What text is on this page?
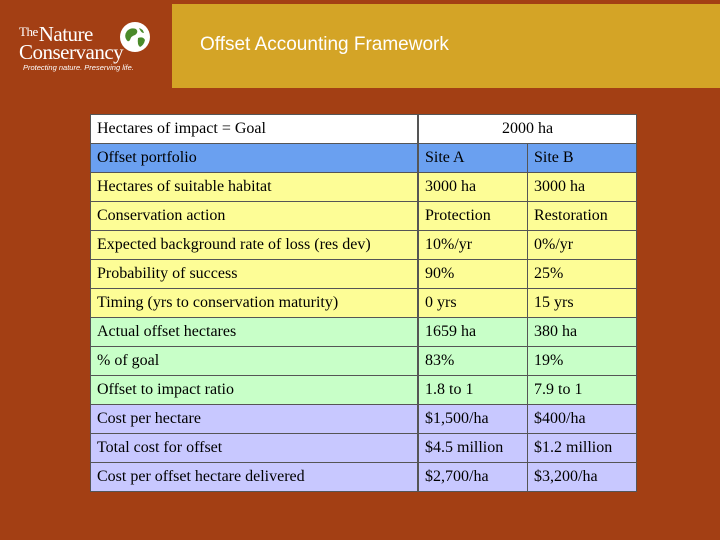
$^{The}$Nature
Conservancy
Protecting nature. Preserving life.
Offset Accounting Framework
Hectares of impact = Goal		2000 ha	
Offset portfolio		Site A	Site B
Hectares of suitable habitat		3000 ha	3000 ha
Conservation action		Protection	Restoration
Expected background rate of loss (res dev)		10%/yr	0%/yr
Probability of success		90%	25%
Timing (yrs to conservation maturity)		0 yrs	15 yrs
Actual offset hectares		1659 ha	380 ha
% of goal		83%	19%
Offset to impact ratio		1.8 to 1	7.9 to 1
Cost per hectare		$1,500/ha	$400/ha
Total cost for offset		$4.5 million	$1.2 million
Cost per offset hectare delivered		$2,700/ha	$3,200/ha
